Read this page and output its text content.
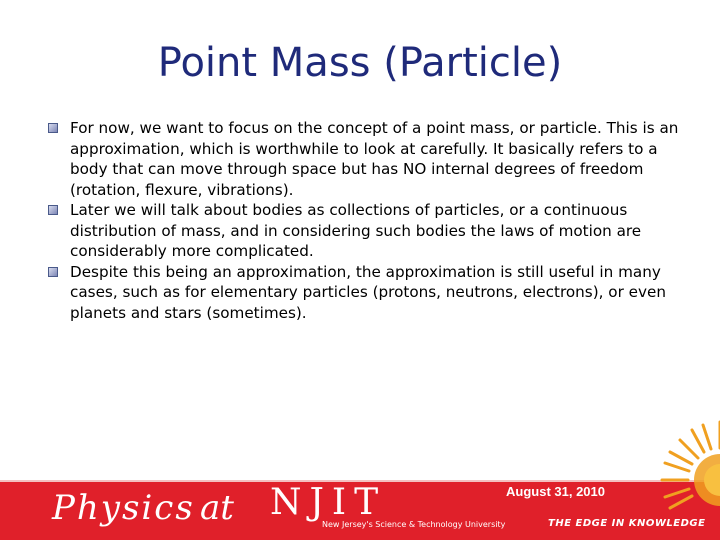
Point Mass (Particle)
For now, we want to focus on the concept of a point mass, or particle. This is an approximation, which is worthwhile to look at carefully. It basically refers to a body that can move through space but has NO internal degrees of freedom (rotation, flexure, vibrations).
Later we will talk about bodies as collections of particles, or a continuous distribution of mass, and in considering such bodies the laws of motion are considerably more complicated.
Despite this being an approximation, the approximation is still useful in many cases, such as for elementary particles (protons, neutrons, electrons), or even planets and stars (sometimes).
Physics at NJIT
New Jersey's Science & Technology University	THE EDGE IN KNOWLEDGE
August 31, 2010
